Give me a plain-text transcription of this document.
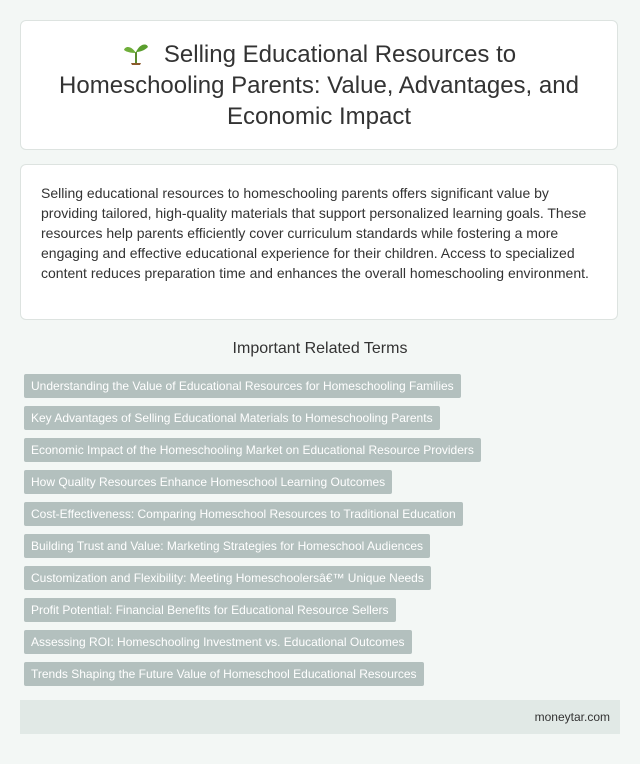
Selling Educational Resources to Homeschooling Parents: Value, Advantages, and Economic Impact

Selling educational resources to homeschooling parents offers significant value by providing tailored, high-quality materials that support personalized learning goals. These resources help parents efficiently cover curriculum standards while fostering a more engaging and effective educational experience for their children. Access to specialized content reduces preparation time and enhances the overall homeschooling environment.

Important Related Terms
Understanding the Value of Educational Resources for Homeschooling Families
Key Advantages of Selling Educational Materials to Homeschooling Parents
Economic Impact of the Homeschooling Market on Educational Resource Providers
How Quality Resources Enhance Homeschool Learning Outcomes
Cost-Effectiveness: Comparing Homeschool Resources to Traditional Education
Building Trust and Value: Marketing Strategies for Homeschool Audiences
Customization and Flexibility: Meeting Homeschoolersâ€™ Unique Needs
Profit Potential: Financial Benefits for Educational Resource Sellers
Assessing ROI: Homeschooling Investment vs. Educational Outcomes
Trends Shaping the Future Value of Homeschool Educational Resources
moneytar.com
